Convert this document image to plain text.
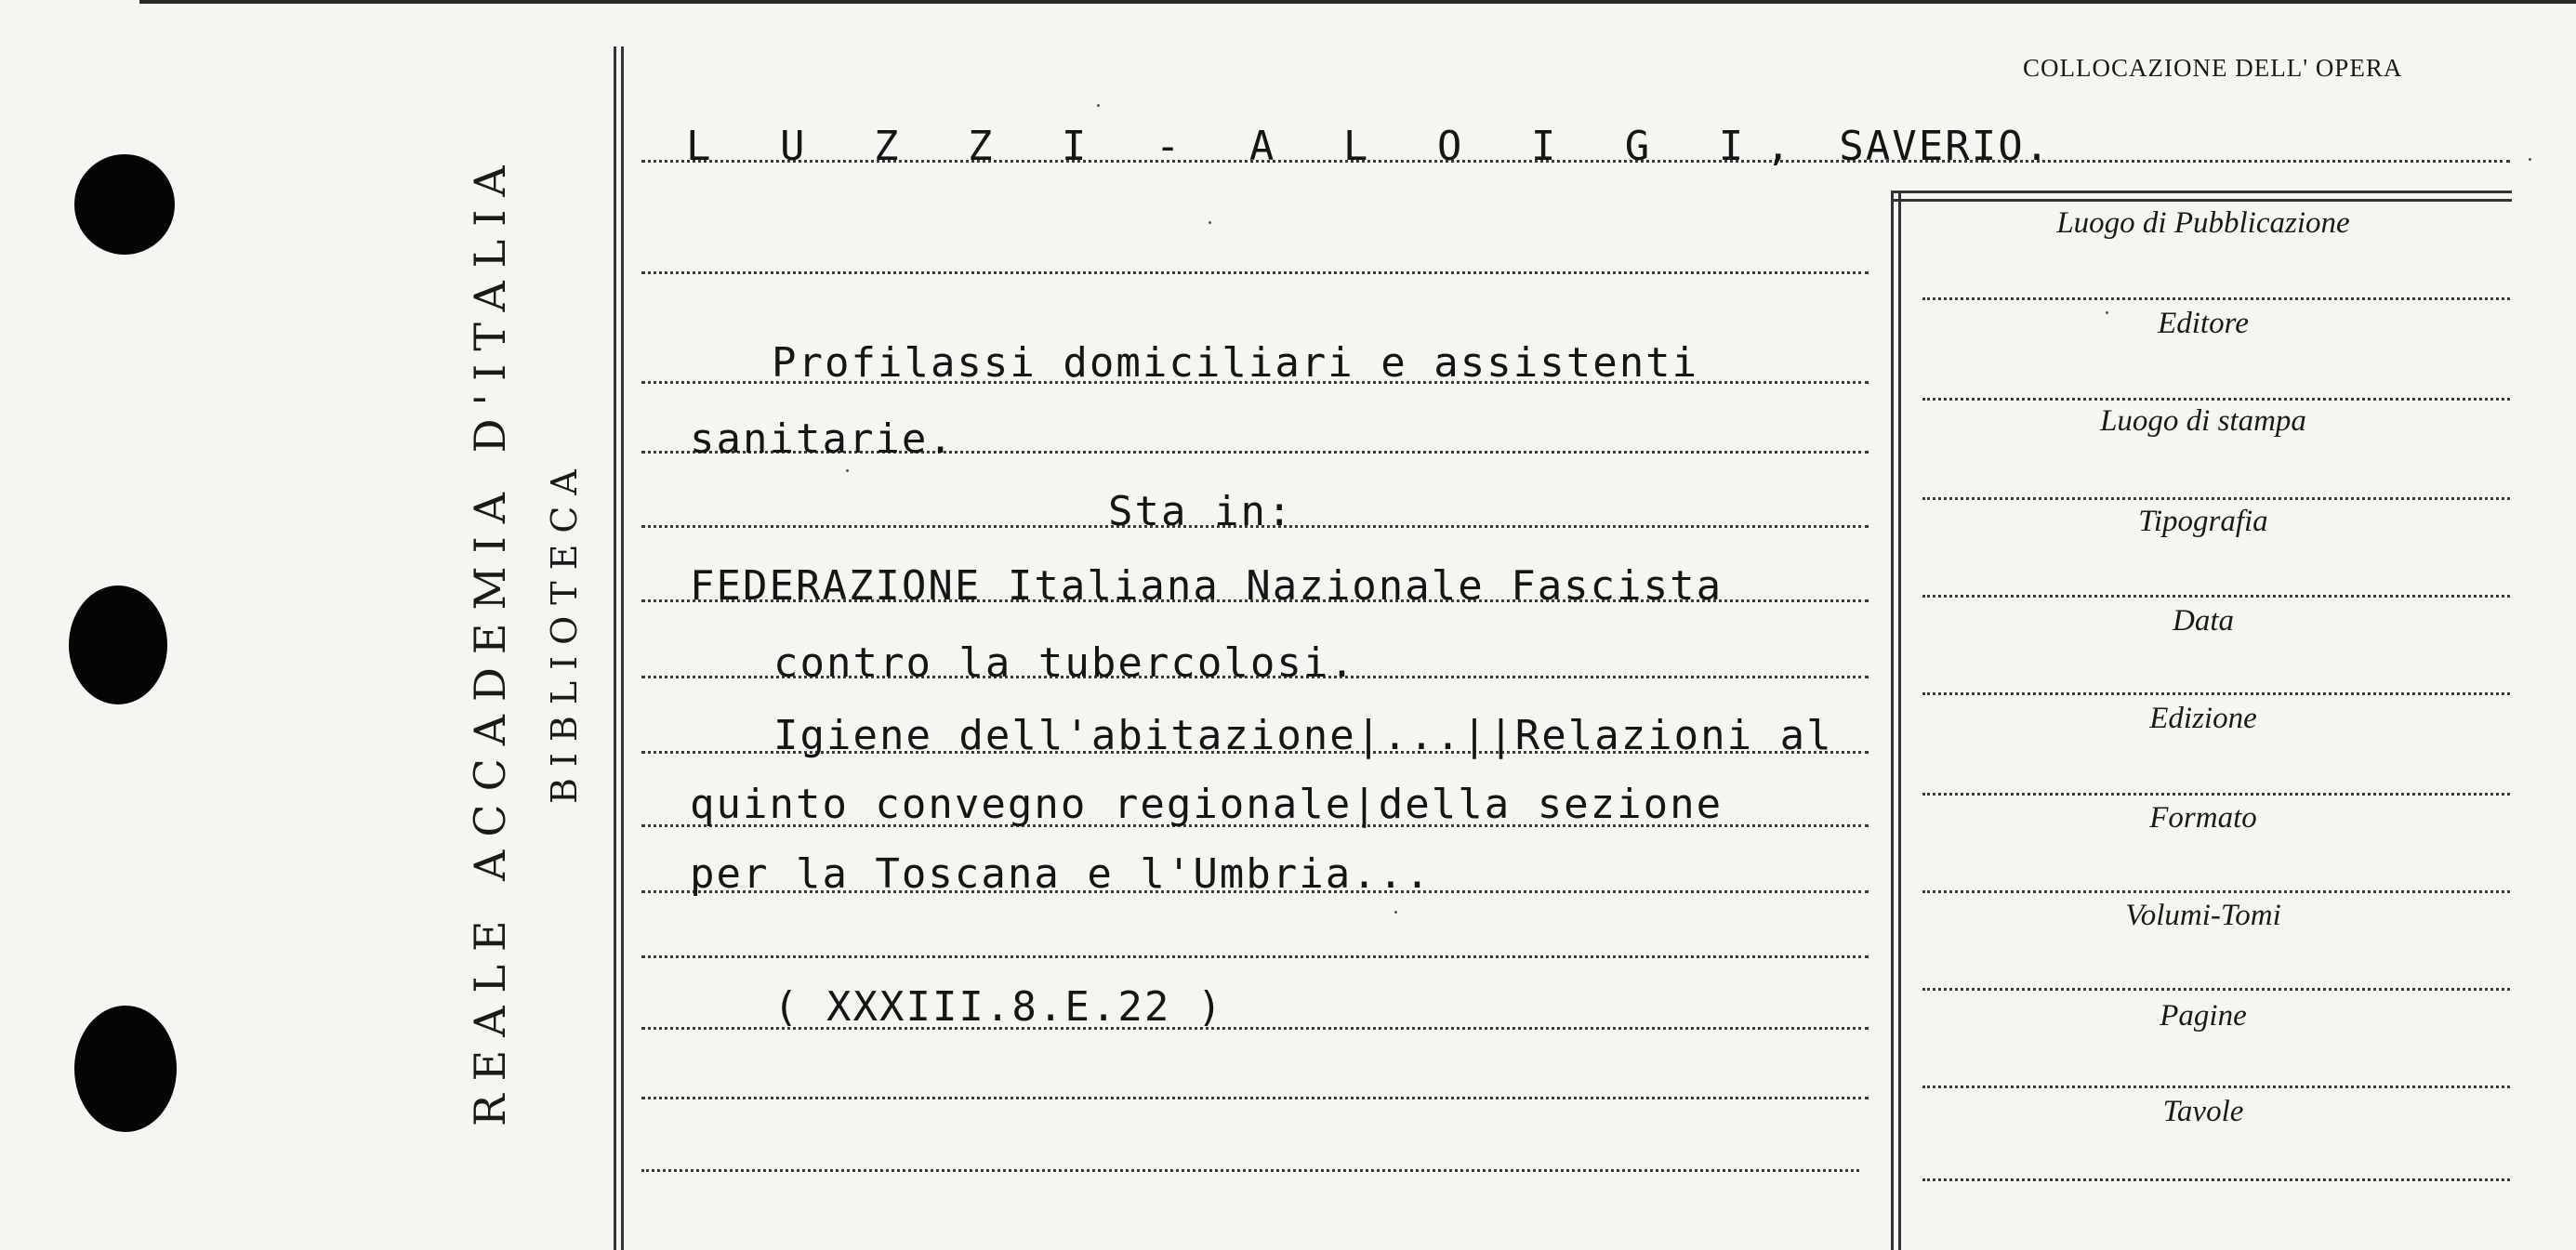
REALE ACCADEMIA D'ITALIA BIBLIOTECA
COLLOCAZIONE DELL' OPERA
L U Z Z I - A L O I G I, SAVERIO.
Profilassi domiciliari e assistenti
sanitarie.
Sta in:
FEDERAZIONE Italiana Nazionale Fascista
contro la tubercolosi.
Igiene dell'abitazione|...||Relazioni al
quinto convegno regionale|della sezione
per la Toscana e l'Umbria...
( XXXIII.8.E.22 )
Luogo di Pubblicazione
Editore
Luogo di stampa
Tipografia
Data
Edizione
Formato
Volumi-Tomi
Pagine
Tavole
